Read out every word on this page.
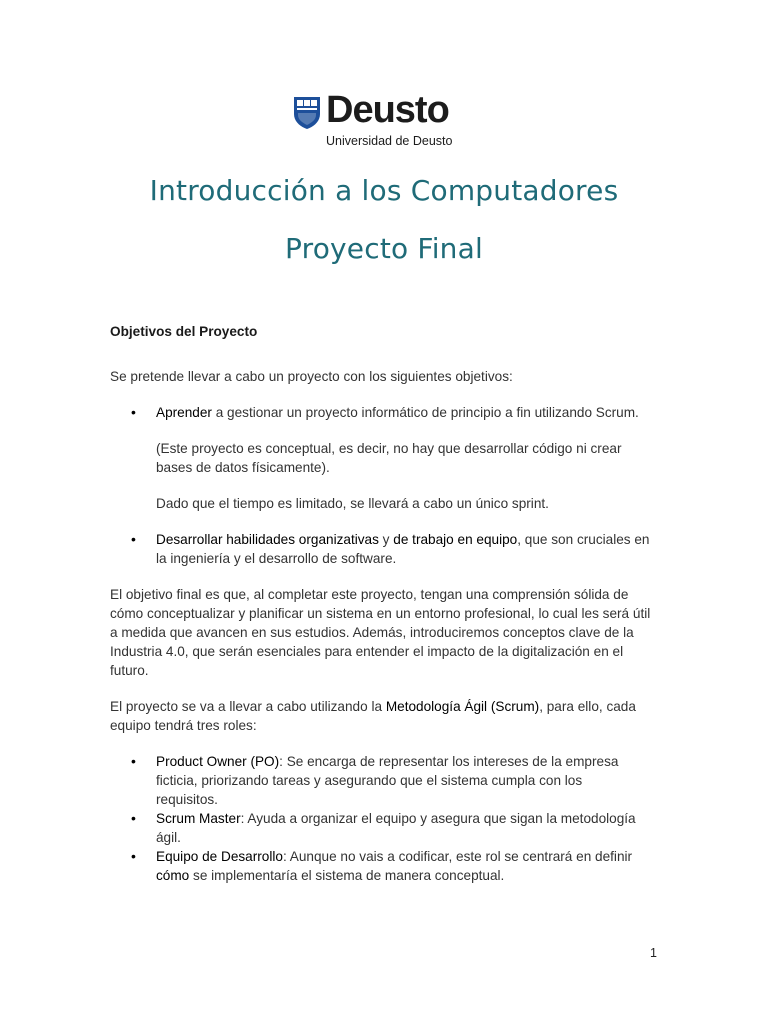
Deusto
Universidad de Deusto
Introducción a los Computadores
Proyecto Final
Objetivos del Proyecto
Se pretende llevar a cabo un proyecto con los siguientes objetivos:
• Aprender a gestionar un proyecto informático de principio a fin utilizando Scrum.
(Este proyecto es conceptual, es decir, no hay que desarrollar código ni crear bases de datos físicamente).
Dado que el tiempo es limitado, se llevará a cabo un único sprint.
• Desarrollar habilidades organizativas y de trabajo en equipo, que son cruciales en la ingeniería y el desarrollo de software.
El objetivo final es que, al completar este proyecto, tengan una comprensión sólida de cómo conceptualizar y planificar un sistema en un entorno profesional, lo cual les será útil a medida que avancen en sus estudios. Además, introduciremos conceptos clave de la Industria 4.0, que serán esenciales para entender el impacto de la digitalización en el futuro.
El proyecto se va a llevar a cabo utilizando la Metodología Ágil (Scrum), para ello, cada equipo tendrá tres roles:
• Product Owner (PO): Se encarga de representar los intereses de la empresa ficticia, priorizando tareas y asegurando que el sistema cumpla con los requisitos.
• Scrum Master: Ayuda a organizar el equipo y asegura que sigan la metodología ágil.
• Equipo de Desarrollo: Aunque no vais a codificar, este rol se centrará en definir cómo se implementaría el sistema de manera conceptual.
1
